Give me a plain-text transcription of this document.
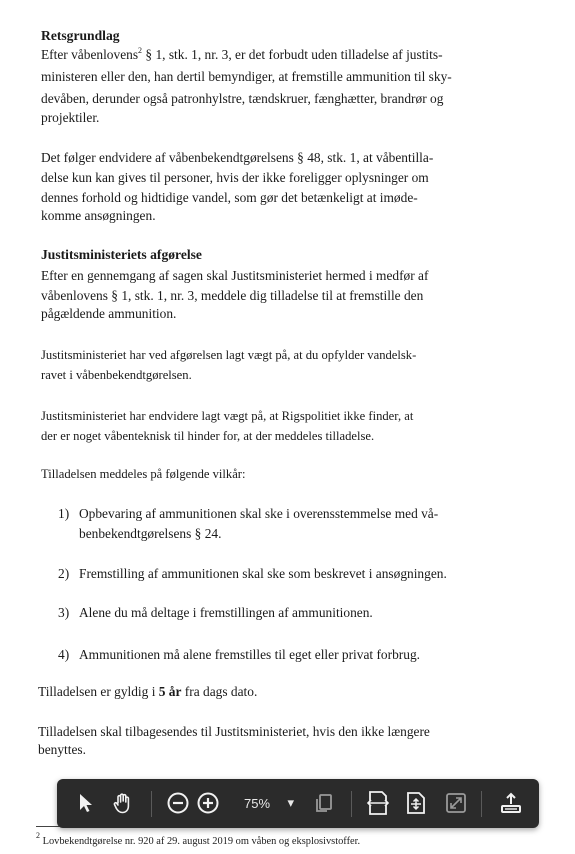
Retsgrundlag
Efter våbenlovens$^2$ § 1, stk. 1, nr. 3, er det forbudt uden tilladelse af justits-
ministeren eller den, han dertil bemyndiger, at fremstille ammunition til sky-
devåben, derunder også patronhylstre, tændskruer, fænghætter, brandrør og
projektiler.
Det følger endvidere af våbenbekendtgørelsens § 48, stk. 1, at våbentilla-
delse kun kan gives til personer, hvis der ikke foreligger oplysninger om
dennes forhold og hidtidige vandel, som gør det betænkeligt at imøde-
komme ansøgningen.
Justitsministeriets afgørelse
Efter en gennemgang af sagen skal Justitsministeriet hermed i medfør af
våbenlovens § 1, stk. 1, nr. 3, meddele dig tilladelse til at fremstille den
pågældende ammunition.
Justitsministeriet har ved afgørelsen lagt vægt på, at du opfylder vandelsk-
ravet i våbenbekendtgørelsen.
Justitsministeriet har endvidere lagt vægt på, at Rigspolitiet ikke finder, at
der er noget våbenteknisk til hinder for, at der meddeles tilladelse.
Tilladelsen meddeles på følgende vilkår:
1) Opbevaring af ammunitionen skal ske i overensstemmelse med vå-
benbekendtgørelsens § 24.
2) Fremstilling af ammunitionen skal ske som beskrevet i ansøgningen.
3) Alene du må deltage i fremstillingen af ammunitionen.
4) Ammunitionen må alene fremstilles til eget eller privat forbrug.
Tilladelsen er gyldig i 5 år fra dags dato.
Tilladelsen skal tilbagesendes til Justitsministeriet, hvis den ikke længere
benyttes.
$^2$ Lovbekendtgørelse nr. 920 af 29. august 2019 om våben og eksplosivstoffer.
75% ▾
